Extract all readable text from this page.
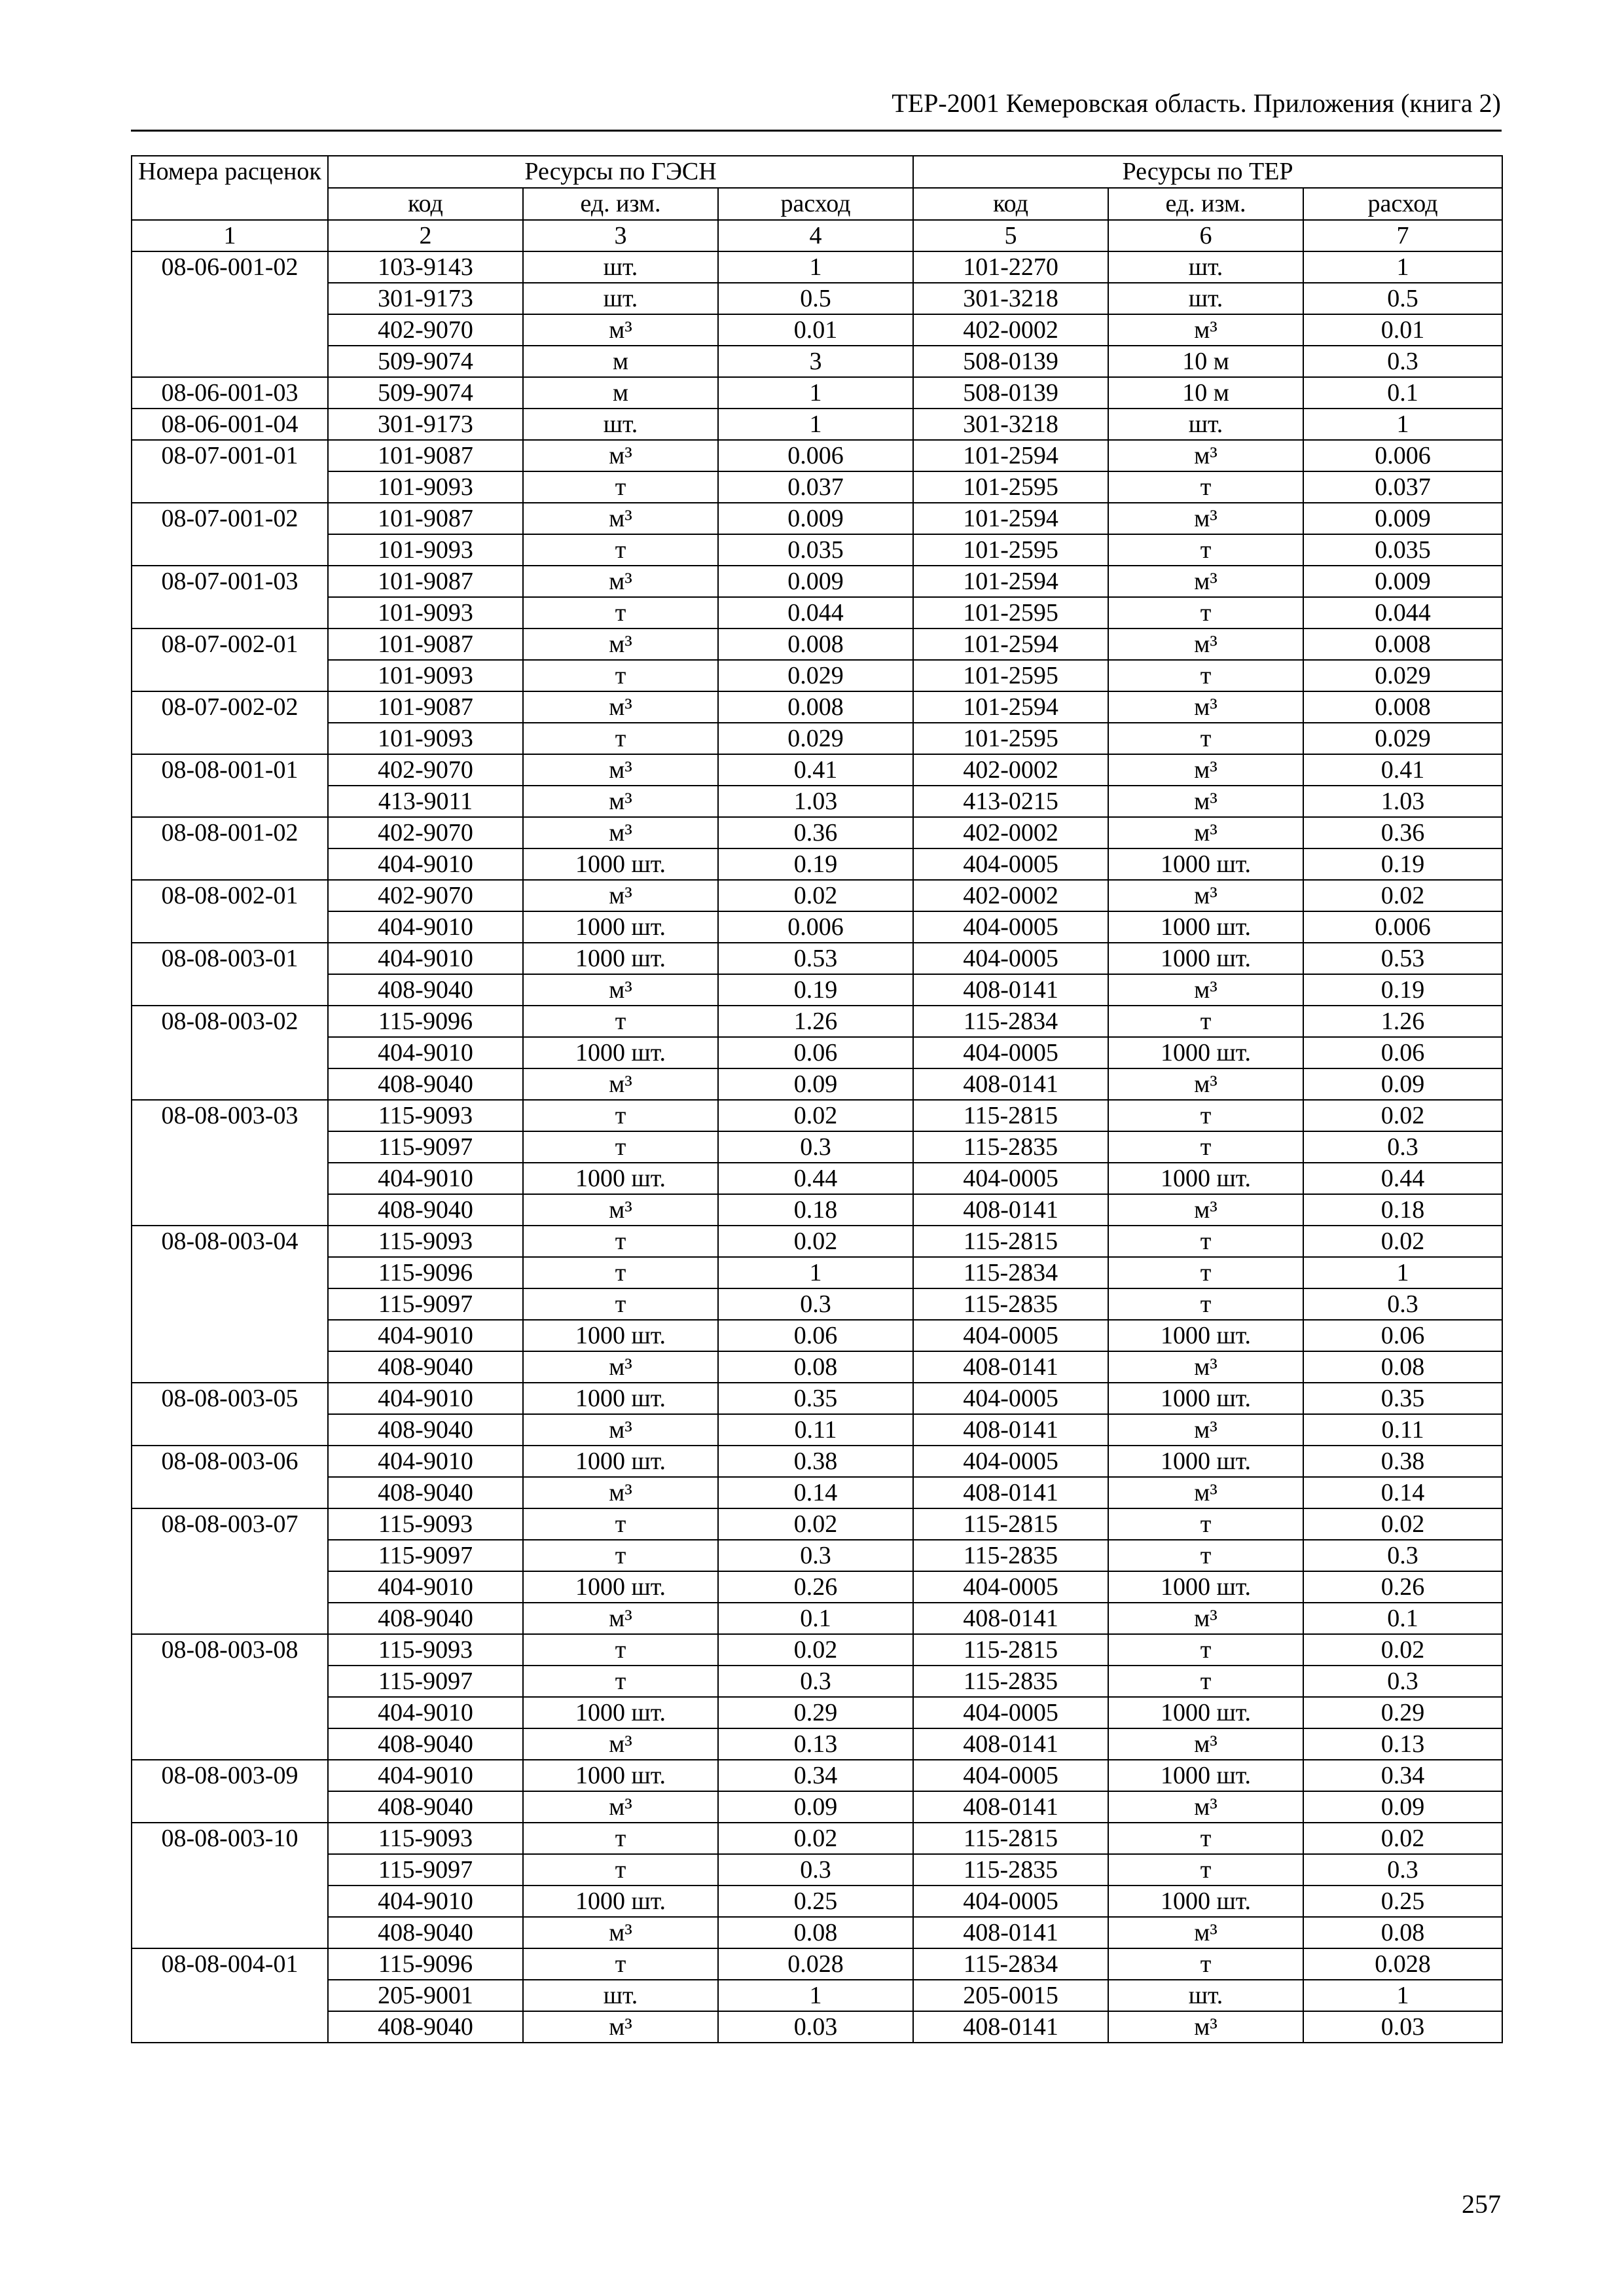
ТЕР-2001 Кемеровская область. Приложения (книга 2)
Номера расценок	Ресурсы по ГЭСН			Ресурсы по ТЕР		
	код	ед. изм.	расход	код	ед. изм.	расход
1	2	3	4	5	6	7
08-06-001-02	103-9143	шт.	1	101-2270	шт.	1
	301-9173	шт.	0.5	301-3218	шт.	0.5
	402-9070	м³	0.01	402-0002	м³	0.01
	509-9074	м	3	508-0139	10 м	0.3
08-06-001-03	509-9074	м	1	508-0139	10 м	0.1
08-06-001-04	301-9173	шт.	1	301-3218	шт.	1
08-07-001-01	101-9087	м³	0.006	101-2594	м³	0.006
	101-9093	т	0.037	101-2595	т	0.037
08-07-001-02	101-9087	м³	0.009	101-2594	м³	0.009
	101-9093	т	0.035	101-2595	т	0.035
08-07-001-03	101-9087	м³	0.009	101-2594	м³	0.009
	101-9093	т	0.044	101-2595	т	0.044
08-07-002-01	101-9087	м³	0.008	101-2594	м³	0.008
	101-9093	т	0.029	101-2595	т	0.029
08-07-002-02	101-9087	м³	0.008	101-2594	м³	0.008
	101-9093	т	0.029	101-2595	т	0.029
08-08-001-01	402-9070	м³	0.41	402-0002	м³	0.41
	413-9011	м³	1.03	413-0215	м³	1.03
08-08-001-02	402-9070	м³	0.36	402-0002	м³	0.36
	404-9010	1000 шт.	0.19	404-0005	1000 шт.	0.19
08-08-002-01	402-9070	м³	0.02	402-0002	м³	0.02
	404-9010	1000 шт.	0.006	404-0005	1000 шт.	0.006
08-08-003-01	404-9010	1000 шт.	0.53	404-0005	1000 шт.	0.53
	408-9040	м³	0.19	408-0141	м³	0.19
08-08-003-02	115-9096	т	1.26	115-2834	т	1.26
	404-9010	1000 шт.	0.06	404-0005	1000 шт.	0.06
	408-9040	м³	0.09	408-0141	м³	0.09
08-08-003-03	115-9093	т	0.02	115-2815	т	0.02
	115-9097	т	0.3	115-2835	т	0.3
	404-9010	1000 шт.	0.44	404-0005	1000 шт.	0.44
	408-9040	м³	0.18	408-0141	м³	0.18
08-08-003-04	115-9093	т	0.02	115-2815	т	0.02
	115-9096	т	1	115-2834	т	1
	115-9097	т	0.3	115-2835	т	0.3
	404-9010	1000 шт.	0.06	404-0005	1000 шт.	0.06
	408-9040	м³	0.08	408-0141	м³	0.08
08-08-003-05	404-9010	1000 шт.	0.35	404-0005	1000 шт.	0.35
	408-9040	м³	0.11	408-0141	м³	0.11
08-08-003-06	404-9010	1000 шт.	0.38	404-0005	1000 шт.	0.38
	408-9040	м³	0.14	408-0141	м³	0.14
08-08-003-07	115-9093	т	0.02	115-2815	т	0.02
	115-9097	т	0.3	115-2835	т	0.3
	404-9010	1000 шт.	0.26	404-0005	1000 шт.	0.26
	408-9040	м³	0.1	408-0141	м³	0.1
08-08-003-08	115-9093	т	0.02	115-2815	т	0.02
	115-9097	т	0.3	115-2835	т	0.3
	404-9010	1000 шт.	0.29	404-0005	1000 шт.	0.29
	408-9040	м³	0.13	408-0141	м³	0.13
08-08-003-09	404-9010	1000 шт.	0.34	404-0005	1000 шт.	0.34
	408-9040	м³	0.09	408-0141	м³	0.09
08-08-003-10	115-9093	т	0.02	115-2815	т	0.02
	115-9097	т	0.3	115-2835	т	0.3
	404-9010	1000 шт.	0.25	404-0005	1000 шт.	0.25
	408-9040	м³	0.08	408-0141	м³	0.08
08-08-004-01	115-9096	т	0.028	115-2834	т	0.028
	205-9001	шт.	1	205-0015	шт.	1
	408-9040	м³	0.03	408-0141	м³	0.03
257
